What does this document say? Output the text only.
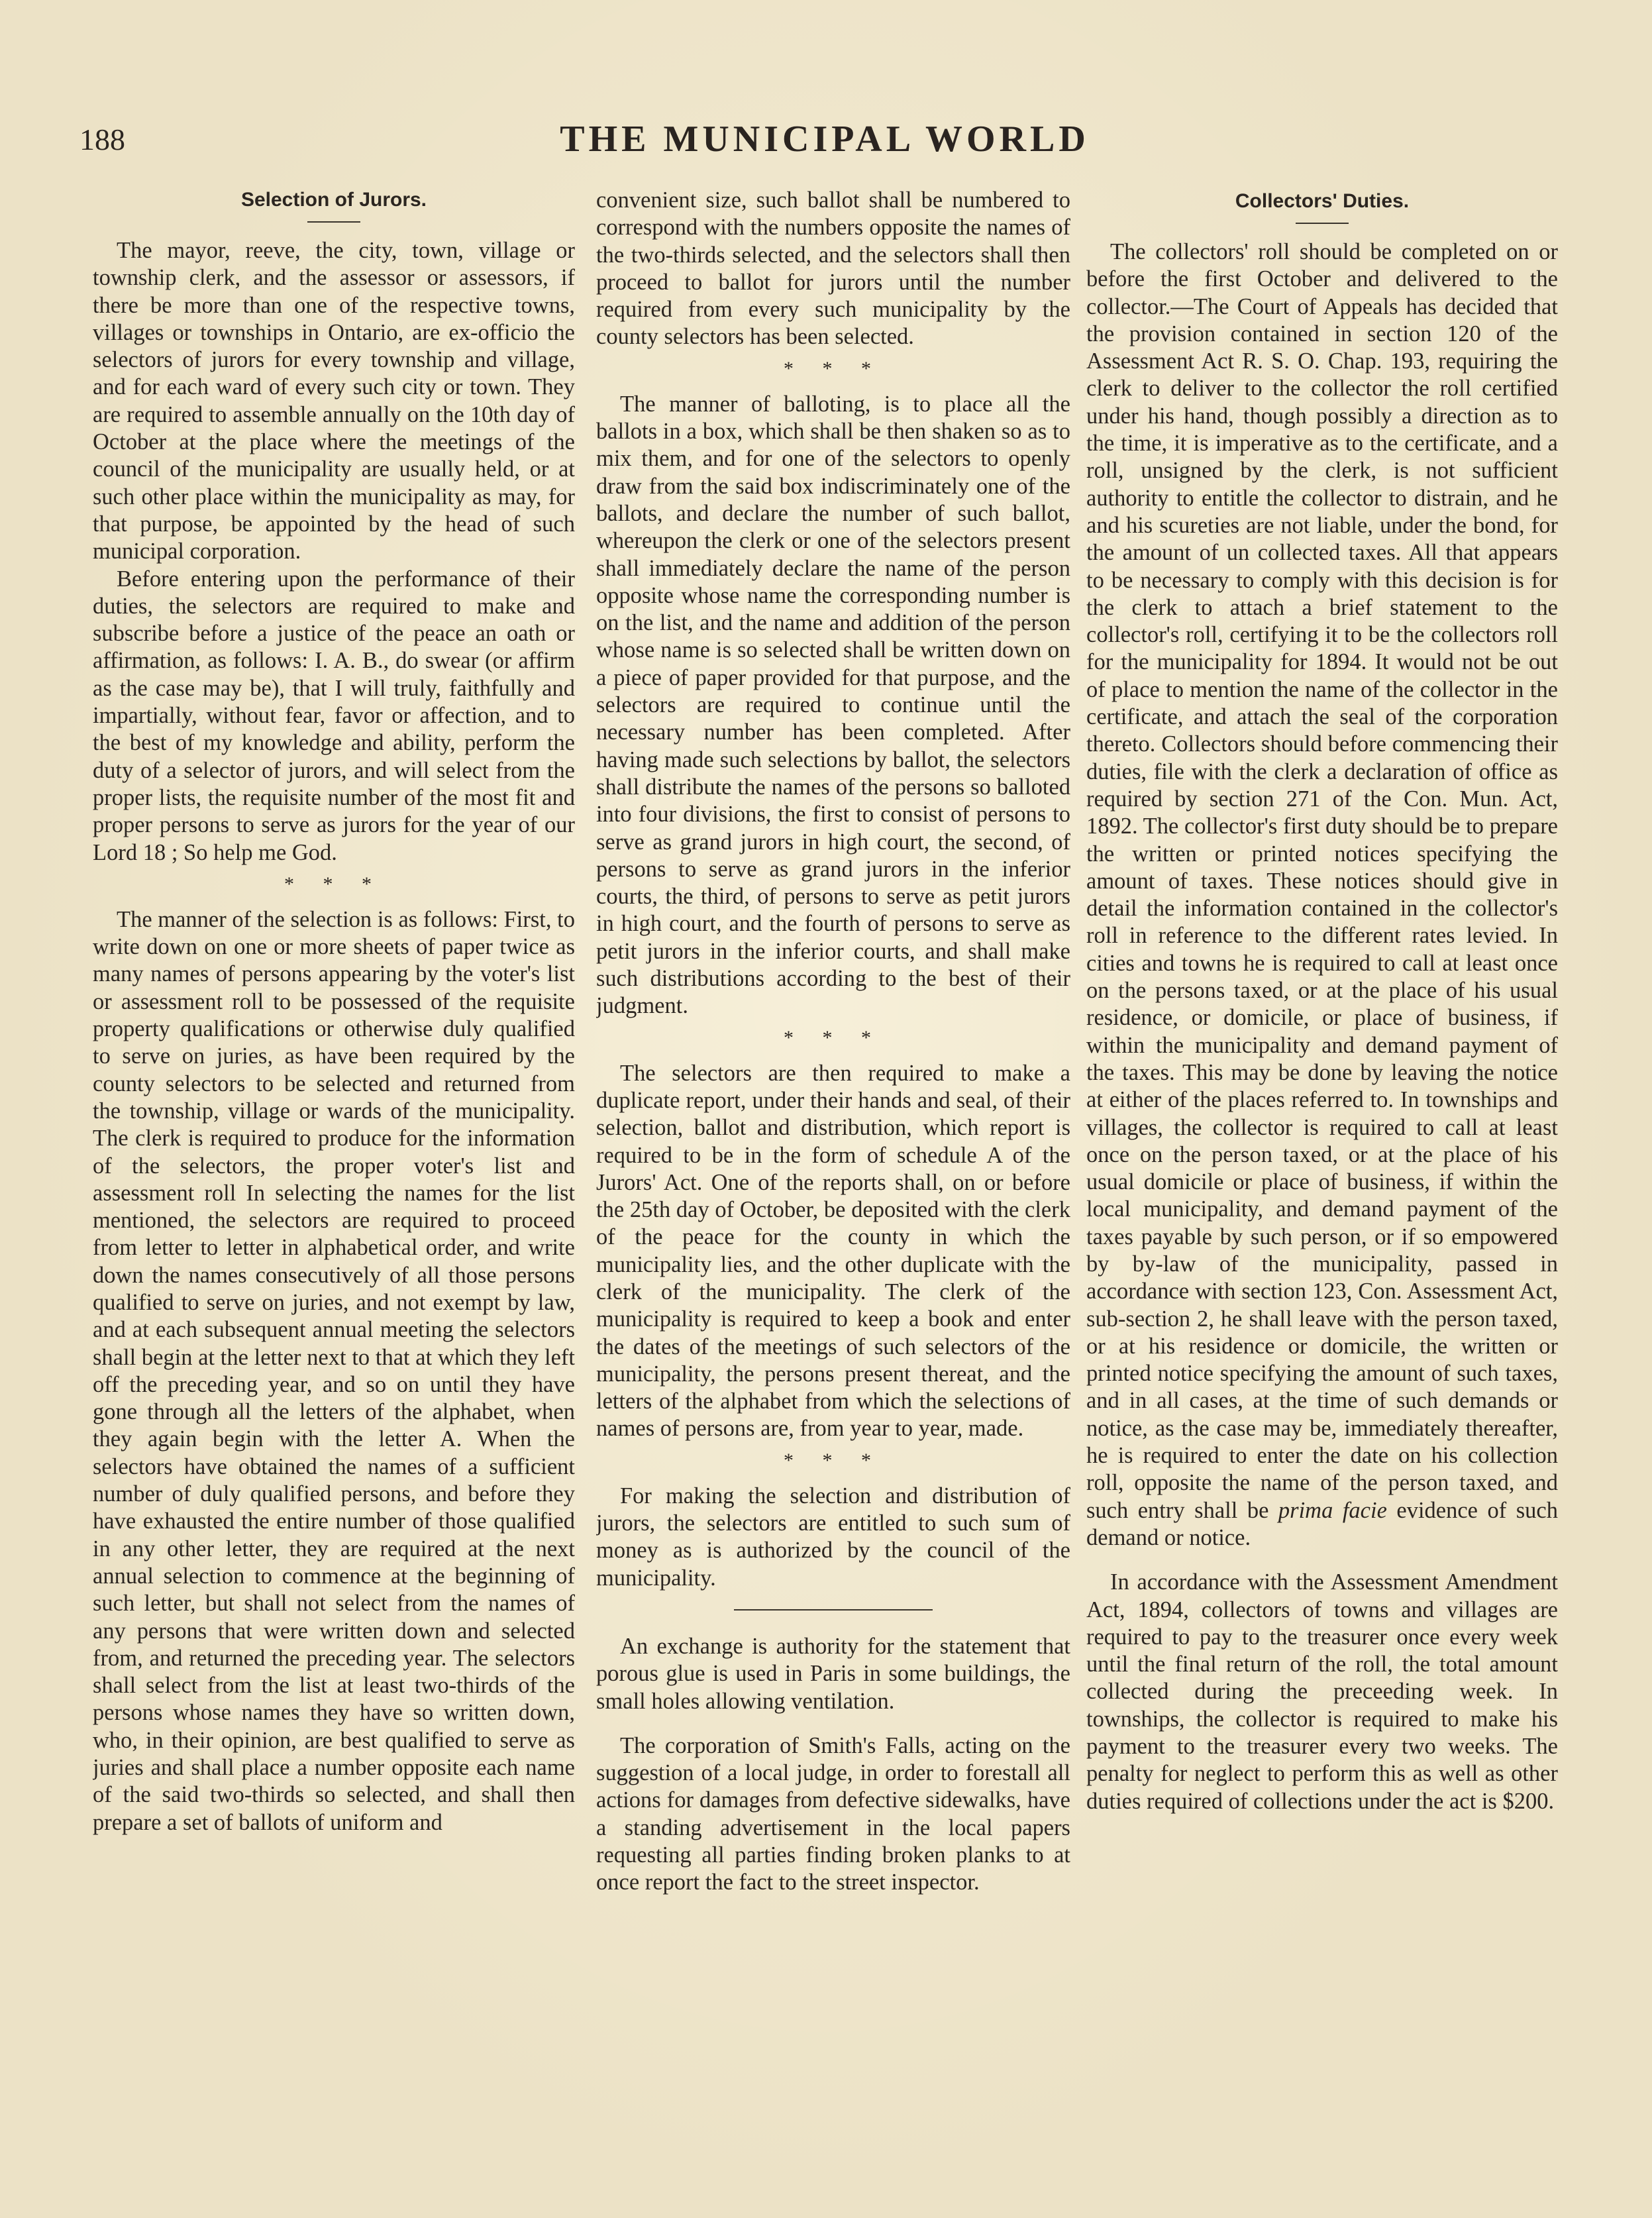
188	THE MUNICIPAL WORLD
Selection of Jurors.

The mayor, reeve, the city, town, village or township clerk, and the assessor or assessors, if there be more than one of the respective towns, villages or townships in Ontario, are ex-officio the selectors of jurors for every township and village, and for each ward of every such city or town. They are required to assemble annually on the 10th day of October at the place where the meetings of the council of the municipality are usually held, or at such other place within the municipality as may, for that purpose, be appointed by the head of such municipal corporation.

Before entering upon the performance of their duties, the selectors are required to make and subscribe before a justice of the peace an oath or affirmation, as follows: I. A. B., do swear (or affirm as the case may be), that I will truly, faithfully and impartially, without fear, favor or affection, and to the best of my knowledge and ability, perform the duty of a selector of jurors, and will select from the proper lists, the requisite number of the most fit and proper persons to serve as jurors for the year of our Lord 18 ; So help me God.

* * *

The manner of the selection is as follows: First, to write down on one or more sheets of paper twice as many names of persons appearing by the voter's list or assessment roll to be possessed of the requisite property qualifications or otherwise duly qualified to serve on juries, as have been required by the county selectors to be selected and returned from the township, village or wards of the municipality. The clerk is required to produce for the information of the selectors, the proper voter's list and assessment roll In selecting the names for the list mentioned, the selectors are required to proceed from letter to letter in alphabetical order, and write down the names consecutively of all those persons qualified to serve on juries, and not exempt by law, and at each subsequent annual meeting the selectors shall begin at the letter next to that at which they left off the preceding year, and so on until they have gone through all the letters of the alphabet, when they again begin with the letter A. When the selectors have obtained the names of a sufficient number of duly qualified persons, and before they have exhausted the entire number of those qualified in any other letter, they are required at the next annual selection to commence at the beginning of such letter, but shall not select from the names of any persons that were written down and selected from, and returned the preceding year. The selectors shall select from the list at least two-thirds of the persons whose names they have so written down, who, in their opinion, are best qualified to serve as juries and shall place a number opposite each name of the said two-thirds so selected, and shall then prepare a set of ballots of uniform and

convenient size, such ballot shall be numbered to correspond with the numbers opposite the names of the two-thirds selected, and the selectors shall then proceed to ballot for jurors until the number required from every such municipality by the county selectors has been selected.

* * *

The manner of balloting, is to place all the ballots in a box, which shall be then shaken so as to mix them, and for one of the selectors to openly draw from the said box indiscriminately one of the ballots, and declare the number of such ballot, whereupon the clerk or one of the selectors present shall immediately declare the name of the person opposite whose name the corresponding number is on the list, and the name and addition of the person whose name is so selected shall be written down on a piece of paper provided for that purpose, and the selectors are required to continue until the necessary number has been completed. After having made such selections by ballot, the selectors shall distribute the names of the persons so balloted into four divisions, the first to consist of persons to serve as grand jurors in high court, the second, of persons to serve as grand jurors in the inferior courts, the third, of persons to serve as petit jurors in high court, and the fourth of persons to serve as petit jurors in the inferior courts, and shall make such distributions according to the best of their judgment.

* * *

The selectors are then required to make a duplicate report, under their hands and seal, of their selection, ballot and distribution, which report is required to be in the form of schedule A of the Jurors' Act. One of the reports shall, on or before the 25th day of October, be deposited with the clerk of the peace for the county in which the municipality lies, and the other duplicate with the clerk of the municipality. The clerk of the municipality is required to keep a book and enter the dates of the meetings of such selectors of the municipality, the persons present thereat, and the letters of the alphabet from which the selections of names of persons are, from year to year, made.

* * *

For making the selection and distribution of jurors, the selectors are entitled to such sum of money as is authorized by the council of the municipality.

An exchange is authority for the statement that porous glue is used in Paris in some buildings, the small holes allowing ventilation.

The corporation of Smith's Falls, acting on the suggestion of a local judge, in order to forestall all actions for damages from defective sidewalks, have a standing advertisement in the local papers requesting all parties finding broken planks to at once report the fact to the street inspector.

Collectors' Duties.

The collectors' roll should be completed on or before the first October and delivered to the collector.—The Court of Appeals has decided that the provision contained in section 120 of the Assessment Act R. S. O. Chap. 193, requiring the clerk to deliver to the collector the roll certified under his hand, though possibly a direction as to the time, it is imperative as to the certificate, and a roll, unsigned by the clerk, is not sufficient authority to entitle the collector to distrain, and he and his scureties are not liable, under the bond, for the amount of un collected taxes. All that appears to be necessary to comply with this decision is for the clerk to attach a brief statement to the collector's roll, certifying it to be the collectors roll for the municipality for 1894. It would not be out of place to mention the name of the collector in the certificate, and attach the seal of the corporation thereto. Collectors should before commencing their duties, file with the clerk a declaration of office as required by section 271 of the Con. Mun. Act, 1892. The collector's first duty should be to prepare the written or printed notices specifying the amount of taxes. These notices should give in detail the information contained in the collector's roll in reference to the different rates levied. In cities and towns he is required to call at least once on the persons taxed, or at the place of his usual residence, or domicile, or place of business, if within the municipality and demand payment of the taxes. This may be done by leaving the notice at either of the places referred to. In townships and villages, the collector is required to call at least once on the person taxed, or at the place of his usual domicile or place of business, if within the local municipality, and demand payment of the taxes payable by such person, or if so empowered by by-law of the municipality, passed in accordance with section 123, Con. Assessment Act, sub-section 2, he shall leave with the person taxed, or at his residence or domicile, the written or printed notice specifying the amount of such taxes, and in all cases, at the time of such demands or notice, as the case may be, immediately thereafter, he is required to enter the date on his collection roll, opposite the name of the person taxed, and such entry shall be prima facie evidence of such demand or notice.

In accordance with the Assessment Amendment Act, 1894, collectors of towns and villages are required to pay to the treasurer once every week until the final return of the roll, the total amount collected during the preceeding week. In townships, the collector is required to make his payment to the treasurer every two weeks. The penalty for neglect to perform this as well as other duties required of collections under the act is $200.
